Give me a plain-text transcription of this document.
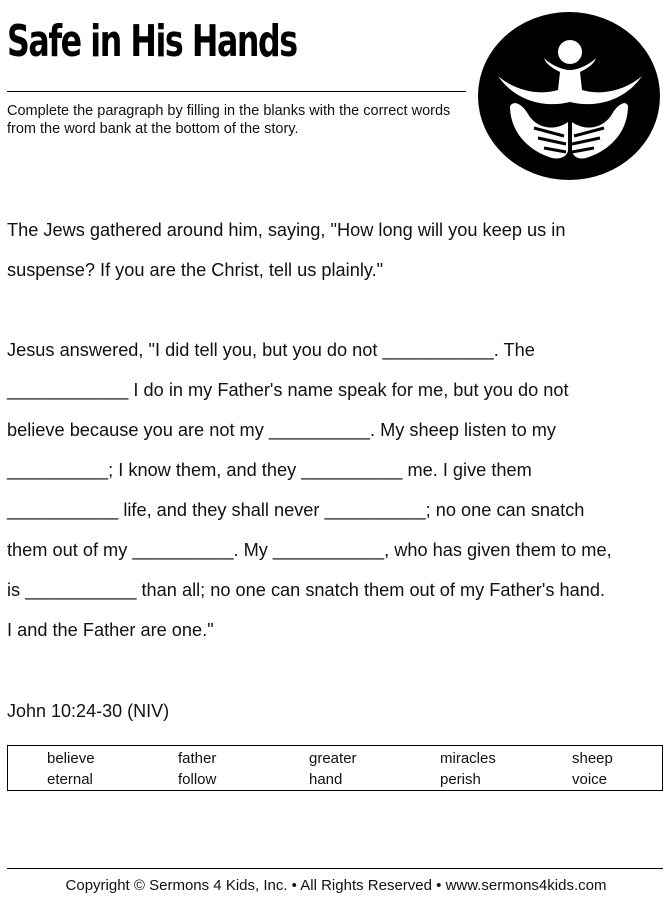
Safe in His Hands
Complete the paragraph by filling in the blanks with the correct words from the word bank at the bottom of the story.

The Jews gathered around him, saying, "How long will you keep us in
suspense? If you are the Christ, tell us plainly."

Jesus answered, "I did tell you, but you do not ___________. The
____________ I do in my Father's name speak for me, but you do not
believe because you are not my __________. My sheep listen to my
__________; I know them, and they __________ me. I give them
___________ life, and they shall never __________; no one can snatch
them out of my __________. My ___________, who has given them to me,
is ___________ than all; no one can snatch them out of my Father's hand.
I and the Father are one."

John 10:24-30 (NIV)
believe	father	greater	miracles	sheep
eternal	follow	hand	perish	voice
Copyright © Sermons 4 Kids, Inc. • All Rights Reserved • www.sermons4kids.com
